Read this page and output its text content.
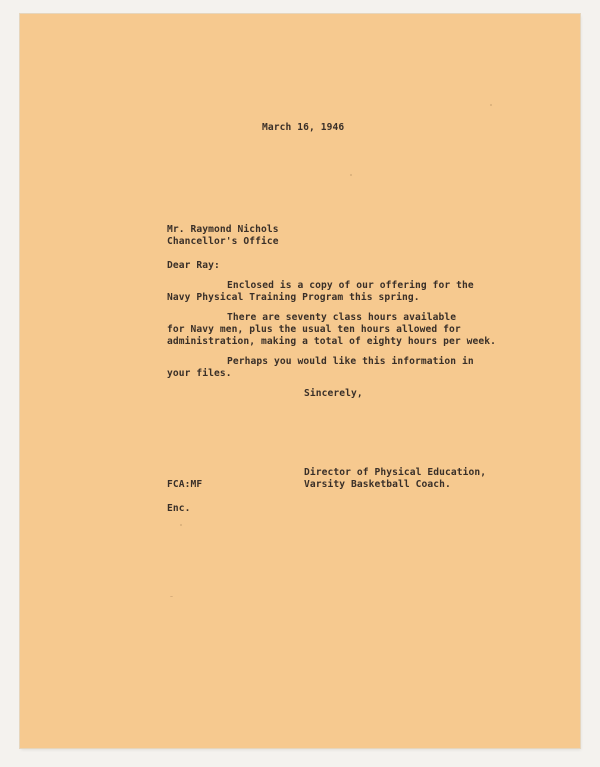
March 16, 1946
Mr. Raymond Nichols
Chancellor's Office
Dear Ray:
Enclosed is a copy of our offering for the
Navy Physical Training Program this spring.
There are seventy class hours available
for Navy men, plus the usual ten hours allowed for
administration, making a total of eighty hours per week.
Perhaps you would like this information in
your files.
Sincerely,
Director of Physical Education,
Varsity Basketball Coach.
FCA:MF
Enc.
